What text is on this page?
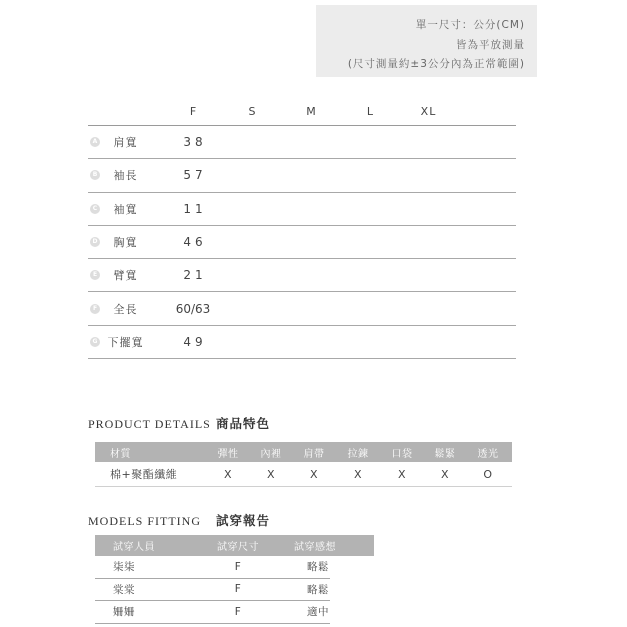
單一尺寸：公分(CM)
皆為平放測量
(尺寸測量約±3公分內為正常範圍)
F	S	M	L	XL
A	肩寬	38
B	袖長	57
C	袖寬	11
D	胸寬	46
E	臂寬	21
F	全長	60/63
G 下擺寬	49
PRODUCT DETAILS 商品特色
材質	彈性	內裡	肩帶	拉鍊	口袋	鬆緊	透光
棉+聚酯纖維	X	X	X	X	X	X	O
MODELS FITTING 試穿報告
試穿人員	試穿尺寸	試穿感想
柒柒	F	略鬆
棠棠	F	略鬆
姍姍	F	適中
